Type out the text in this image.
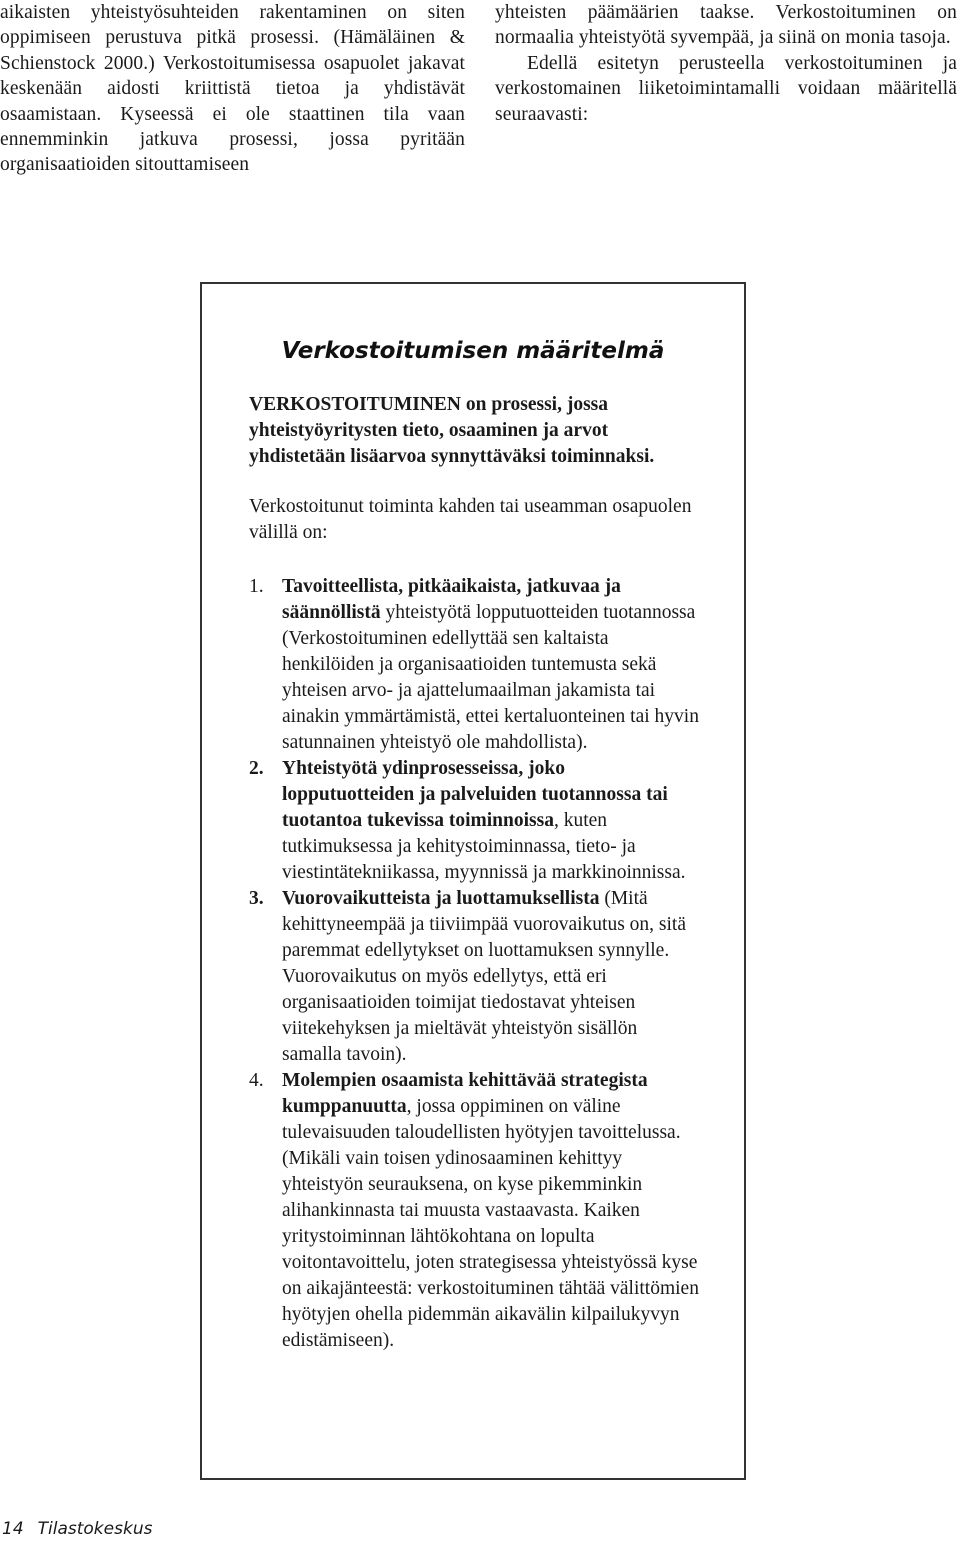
aikaisten yhteistyösuhteiden rakentaminen on siten oppimiseen perustuva pitkä prosessi. (Hämäläinen & Schienstock 2000.) Verkostoitumisessa osapuolet jakavat keskenään aidosti kriittistä tietoa ja yhdistävät osaamistaan. Kyseessä ei ole staattinen tila vaan ennemminkin jatkuva prosessi, jossa pyritään organisaatioiden sitouttamiseen

yhteisten päämäärien taakse. Verkostoituminen on normaalia yhteistyötä syvempää, ja siinä on monia tasoja.

Edellä esitetyn perusteella verkostoituminen ja verkostomainen liiketoimintamalli voidaan määritellä seuraavasti:

Verkostoitumisen määritelmä

VERKOSTOITUMINEN on prosessi, jossa yhteistyöyritysten tieto, osaaminen ja arvot yhdistetään lisäarvoa synnyttäväksi toiminnaksi.

Verkostoitunut toiminta kahden tai useamman osapuolen välillä on:

1. Tavoitteellista, pitkäaikaista, jatkuvaa ja säännöllistä yhteistyötä lopputuotteiden tuotannossa (Verkostoituminen edellyttää sen kaltaista henkilöiden ja organisaatioiden tuntemusta sekä yhteisen arvo- ja ajattelumaailman jakamista tai ainakin ymmärtämistä, ettei kertaluonteinen tai hyvin satunnainen yhteistyö ole mahdollista).
2. Yhteistyötä ydinprosesseissa, joko lopputuotteiden ja palveluiden tuotannossa tai tuotantoa tukevissa toiminnoissa, kuten tutkimuksessa ja kehitystoiminnassa, tieto- ja viestintätekniikassa, myynnissä ja markkinoinnissa.
3. Vuorovaikutteista ja luottamuksellista (Mitä kehittyneempää ja tiiviimpää vuorovaikutus on, sitä paremmat edellytykset on luottamuksen synnylle. Vuorovaikutus on myös edellytys, että eri organisaatioiden toimijat tiedostavat yhteisen viitekehyksen ja mieltävät yhteistyön sisällön samalla tavoin).
4. Molempien osaamista kehittävää strategista kumppanuutta, jossa oppiminen on väline tulevaisuuden taloudellisten hyötyjen tavoittelussa. (Mikäli vain toisen ydinosaaminen kehittyy yhteistyön seurauksena, on kyse pikemminkin alihankinnasta tai muusta vastaavasta. Kaiken yritystoiminnan lähtökohtana on lopulta voitontavoittelu, joten strategisessa yhteistyössä kyse on aikajänteestä: verkostoituminen tähtää välittömien hyötyjen ohella pidemmän aikavälin kilpailukyvyn edistämiseen).
14 Tilastokeskus
